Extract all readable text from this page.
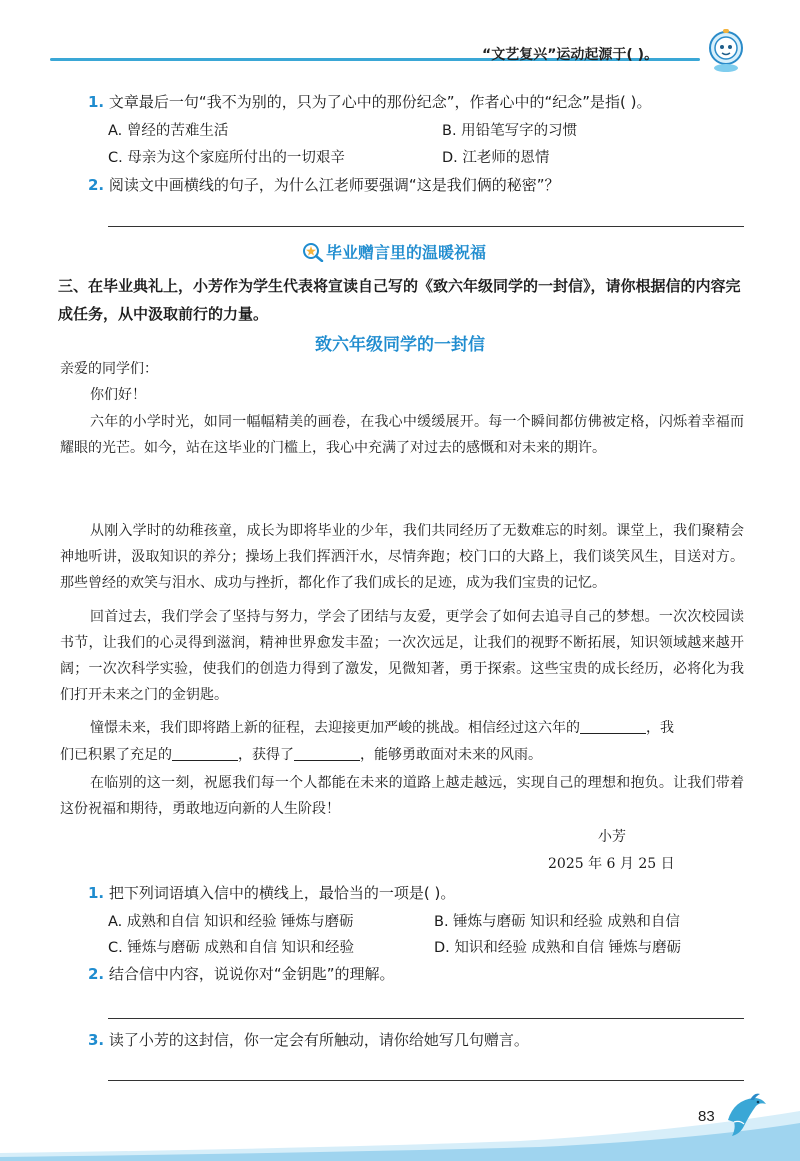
“文艺复兴”运动起源于( )。
1. 文章最后一句“我不为别的，只为了心中的那份纪念”，作者心中的“纪念”是指( )。
A. 曾经的苦难生活	B. 用铅笔写字的习惯
C. 母亲为这个家庭所付出的一切艰辛	D. 江老师的恩情
2. 阅读文中画横线的句子，为什么江老师要强调“这是我们俩的秘密”？
毕业赠言里的温暖祝福
三、在毕业典礼上，小芳作为学生代表将宣读自己写的《致六年级同学的一封信》，请你根据信的内容完成任务，从中汲取前行的力量。
致六年级同学的一封信
亲爱的同学们：
你们好！
六年的小学时光，如同一幅幅精美的画卷，在我心中缓缓展开。每一个瞬间都仿佛被定格，闪烁着幸福而耀眼的光芒。如今，站在这毕业的门槛上，我心中充满了对过去的感慨和对未来的期许。
从刚入学时的幼稚孩童，成长为即将毕业的少年，我们共同经历了无数难忘的时刻。课堂上，我们聚精会神地听讲，汲取知识的养分；操场上我们挥洒汗水，尽情奔跑；校门口的大路上，我们谈笑风生，目送对方。那些曾经的欢笑与泪水、成功与挫折，都化作了我们成长的足迹，成为我们宝贵的记忆。
回首过去，我们学会了坚持与努力，学会了团结与友爱，更学会了如何去追寻自己的梦想。一次次校园读书节，让我们的心灵得到滋润，精神世界愈发丰盈；一次次远足，让我们的视野不断拓展，知识领域越来越开阔；一次次科学实验，使我们的创造力得到了激发，见微知著，勇于探索。这些宝贵的成长经历，必将化为我们打开未来之门的金钥匙。
憧憬未来，我们即将踏上新的征程，去迎接更加严峻的挑战。相信经过这六年的	，我
们已积累了充足的	，获得了	，能够勇敢面对未来的风雨。
在临别的这一刻，祝愿我们每一个人都能在未来的道路上越走越远，实现自己的理想和抱负。让我们带着这份祝福和期待，勇敢地迈向新的人生阶段！
小芳
2025 年 6 月 25 日
1. 把下列词语填入信中的横线上，最恰当的一项是( )。
A. 成熟和自信 知识和经验 锤炼与磨砺	B. 锤炼与磨砺 知识和经验 成熟和自信
C. 锤炼与磨砺 成熟和自信 知识和经验	D. 知识和经验 成熟和自信 锤炼与磨砺
2. 结合信中内容，说说你对“金钥匙”的理解。
3. 读了小芳的这封信，你一定会有所触动，请你给她写几句赠言。
83
